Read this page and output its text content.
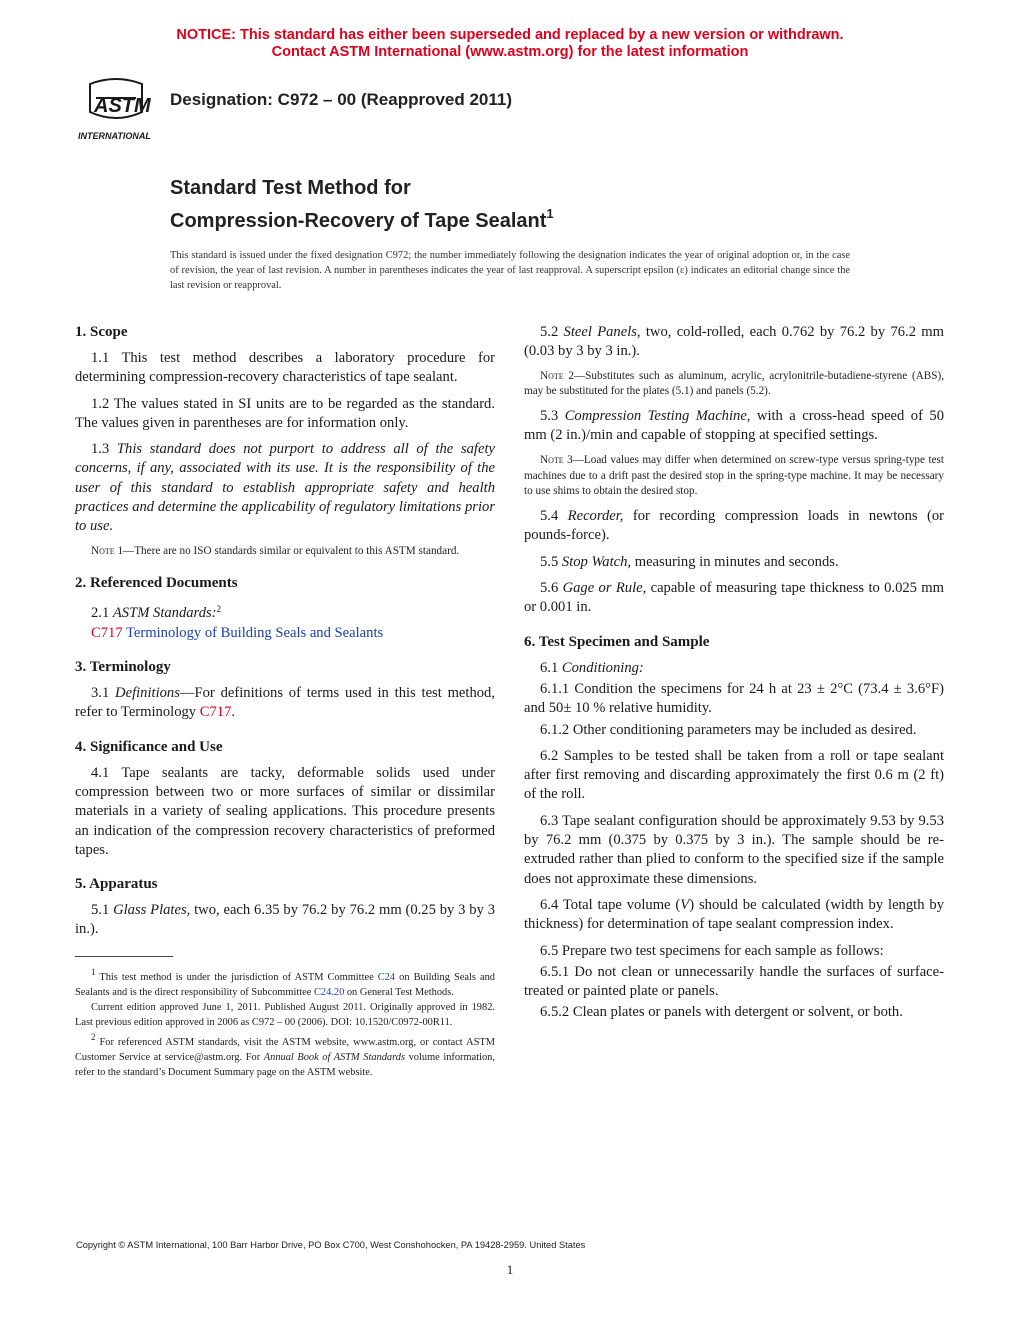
NOTICE: This standard has either been superseded and replaced by a new version or withdrawn.
Contact ASTM International (www.astm.org) for the latest information
ASTM
INTERNATIONAL
Designation: C972 – 00 (Reapproved 2011)
Standard Test Method for
Compression-Recovery of Tape Sealant$^1$
This standard is issued under the fixed designation C972; the number immediately following the designation indicates the year of original adoption or, in the case of revision, the year of last revision. A number in parentheses indicates the year of last reapproval. A superscript epsilon (ε) indicates an editorial change since the last revision or reapproval.
1. Scope

1.1 This test method describes a laboratory procedure for determining compression-recovery characteristics of tape sealant.

1.2 The values stated in SI units are to be regarded as the standard. The values given in parentheses are for information only.

1.3 This standard does not purport to address all of the safety concerns, if any, associated with its use. It is the responsibility of the user of this standard to establish appropriate safety and health practices and determine the applicability of regulatory limitations prior to use.

Note 1—There are no ISO standards similar or equivalent to this ASTM standard.

2. Referenced Documents

2.1 ASTM Standards:$^2$

C717 Terminology of Building Seals and Sealants

3. Terminology

3.1 Definitions—For definitions of terms used in this test method, refer to Terminology C717.

4. Significance and Use

4.1 Tape sealants are tacky, deformable solids used under compression between two or more surfaces of similar or dissimilar materials in a variety of sealing applications. This procedure presents an indication of the compression recovery characteristics of preformed tapes.

5. Apparatus

5.1 Glass Plates, two, each 6.35 by 76.2 by 76.2 mm (0.25 by 3 by 3 in.).

$^1$ This test method is under the jurisdiction of ASTM Committee C24 on Building Seals and Sealants and is the direct responsibility of Subcommittee C24.20 on General Test Methods.

Current edition approved June 1, 2011. Published August 2011. Originally approved in 1982. Last previous edition approved in 2006 as C972 – 00 (2006). DOI: 10.1520/C0972-00R11.

$^2$ For referenced ASTM standards, visit the ASTM website, www.astm.org, or contact ASTM Customer Service at service@astm.org. For Annual Book of ASTM Standards volume information, refer to the standard’s Document Summary page on the ASTM website.

5.2 Steel Panels, two, cold-rolled, each 0.762 by 76.2 by 76.2 mm (0.03 by 3 by 3 in.).

Note 2—Substitutes such as aluminum, acrylic, acrylonitrile-butadiene-styrene (ABS), may be substituted for the plates (5.1) and panels (5.2).

5.3 Compression Testing Machine, with a cross-head speed of 50 mm (2 in.)/min and capable of stopping at specified settings.

Note 3—Load values may differ when determined on screw-type versus spring-type test machines due to a drift past the desired stop in the spring-type machine. It may be necessary to use shims to obtain the desired stop.

5.4 Recorder, for recording compression loads in newtons (or pounds-force).

5.5 Stop Watch, measuring in minutes and seconds.

5.6 Gage or Rule, capable of measuring tape thickness to 0.025 mm or 0.001 in.

6. Test Specimen and Sample

6.1 Conditioning:

6.1.1 Condition the specimens for 24 h at 23 ± 2°C (73.4 ± 3.6°F) and 50± 10 % relative humidity.

6.1.2 Other conditioning parameters may be included as desired.

6.2 Samples to be tested shall be taken from a roll or tape sealant after first removing and discarding approximately the first 0.6 m (2 ft) of the roll.

6.3 Tape sealant configuration should be approximately 9.53 by 9.53 by 76.2 mm (0.375 by 0.375 by 3 in.). The sample should be re-extruded rather than plied to conform to the specified size if the sample does not approximate these dimensions.

6.4 Total tape volume (V) should be calculated (width by length by thickness) for determination of tape sealant compression index.

6.5 Prepare two test specimens for each sample as follows:

6.5.1 Do not clean or unnecessarily handle the surfaces of surface-treated or painted plate or panels.

6.5.2 Clean plates or panels with detergent or solvent, or both.

Copyright © ASTM International, 100 Barr Harbor Drive, PO Box C700, West Conshohocken, PA 19428-2959. United States
1
